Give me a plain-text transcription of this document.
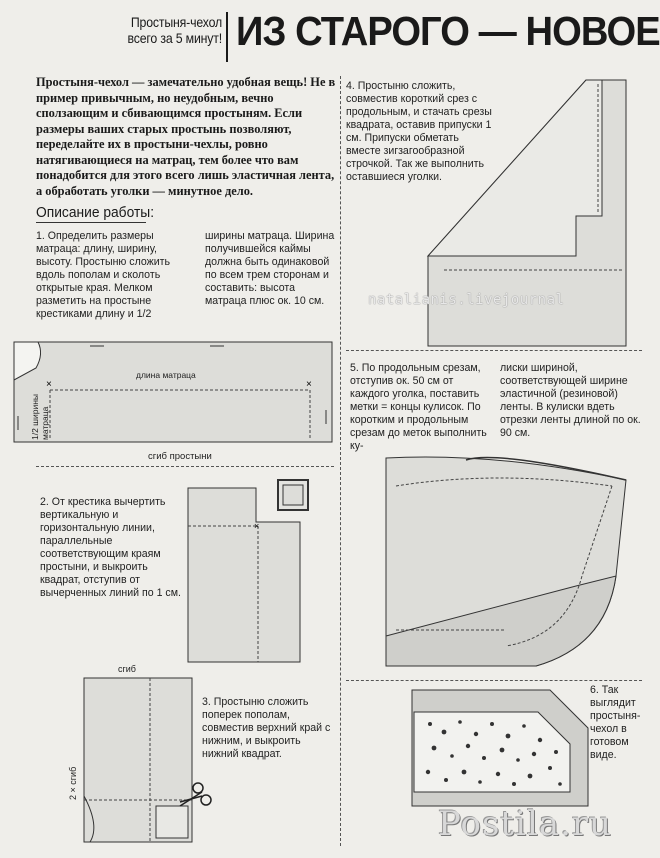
Простыня-чехол
всего за 5 минут! ИЗ СТАРОГО — НОВОЕ
Простыня-чехол — замечательно удобная вещь! Не в пример привычным, но неудобным, вечно сползающим и сбивающимся простыням. Если размеры ваших старых простынь позволяют, переделайте их в простыни-чехлы, ровно натягивающиеся на матрац, тем более что вам понадобится для этого всего лишь эластичная лента, а обработать уголки — минутное дело.
Описание работы:
1. Определить размеры матраца: длину, ширину, высоту. Простыню сложить вдоль пополам и сколоть открытые края. Мелком разметить на простыне крестиками длину и 1/2
ширины матраца. Ширина получившейся каймы должна быть одинаковой по всем трем сторонам и составить: высота матраца плюс ок. 10 см.
×	×
длина матраца
1/2 ширины матраца
сгиб простыни
2. От крестика вычертить вертикальную и горизонтальную линии, параллельные соответствующим краям простыни, и выкроить квадрат, отступив от вычерченных линий по 1 см.
×
сгиб
2 × сгиб
3. Простыню сложить поперек пополам, совместив верхний край с нижним, и выкроить нижний квадрат.
4. Простыню сложить, совместив короткий срез с продольным, и стачать срезы квадрата, оставив припуски 1 см. Припуски обметать вместе зигзагообразной строчкой. Так же выполнить оставшиеся уголки.
natalianis.livejournal
5. По продольным срезам, отступив ок. 50 см от каждого уголка, поставить метки = концы кулисок. По коротким и продольным срезам до меток выполнить ку-
лиски шириной, соответствующей ширине эластичной (резиновой) ленты. В кулиски вдеть отрезки ленты длиной по ок. 90 см.
6. Так выглядит простыня-чехол в готовом виде.
Postila.ru
